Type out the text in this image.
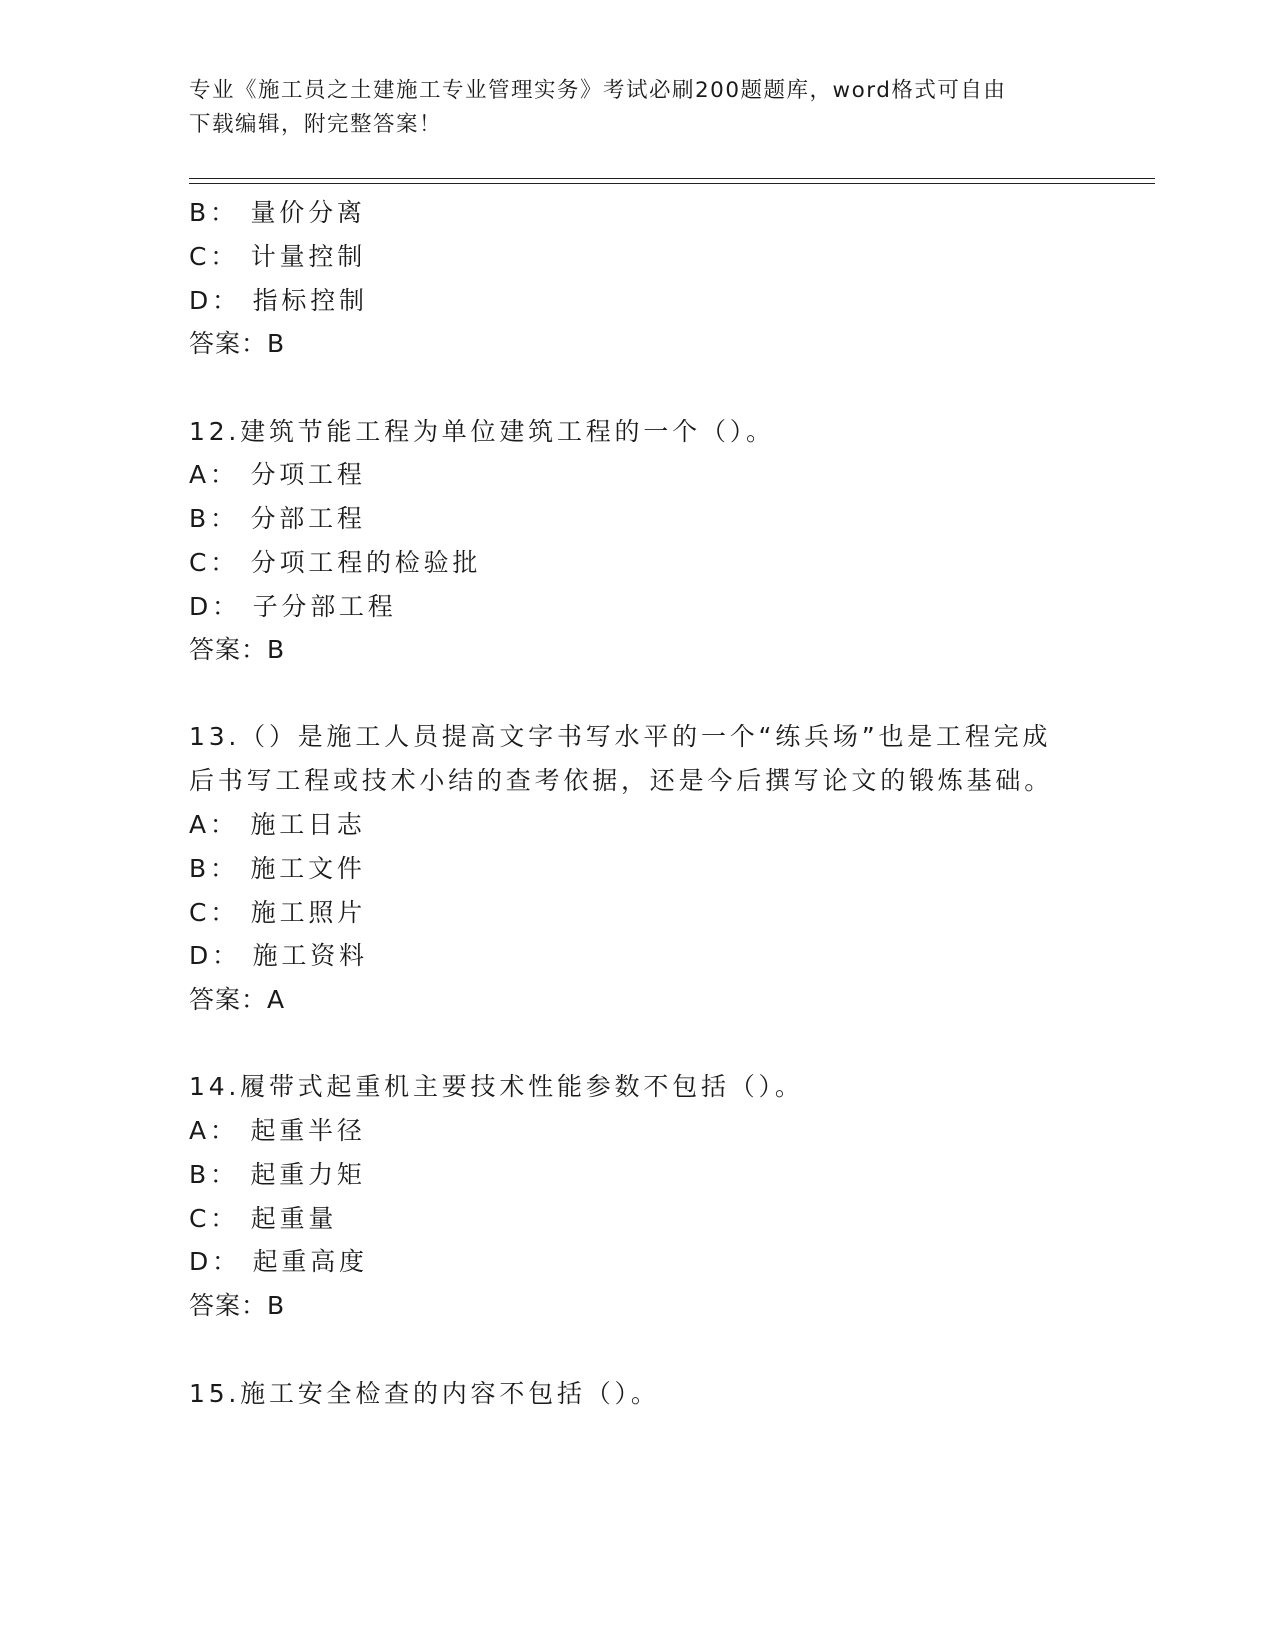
专业《施工员之土建施工专业管理实务》考试必刷200题题库，word格式可自由
下载编辑，附完整答案！
B： 量价分离
C： 计量控制
D： 指标控制
答案：B
12.建筑节能工程为单位建筑工程的一个（）。
A： 分项工程
B： 分部工程
C： 分项工程的检验批
D： 子分部工程
答案：B
13.（）是施工人员提高文字书写水平的一个“练兵场”也是工程完成
后书写工程或技术小结的查考依据，还是今后撰写论文的锻炼基础。
A： 施工日志
B： 施工文件
C： 施工照片
D： 施工资料
答案：A
14.履带式起重机主要技术性能参数不包括（）。
A： 起重半径
B： 起重力矩
C： 起重量
D： 起重高度
答案：B
15.施工安全检查的内容不包括（）。
